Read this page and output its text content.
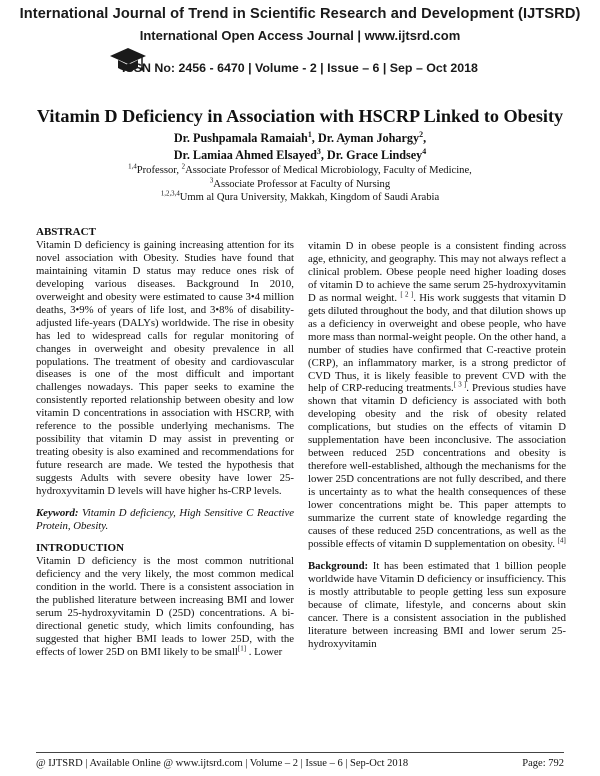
International Journal of Trend in Scientific Research and Development (IJTSRD)
International Open Access Journal | www.ijtsrd.com
ISSN No: 2456 - 6470 | Volume - 2 | Issue – 6 | Sep – Oct 2018
Vitamin D Deficiency in Association with HSCRP Linked to Obesity
Dr. Pushpamala Ramaiah$^1$, Dr. Ayman Johargy$^2$,
Dr. Lamiaa Ahmed Elsayed$^3$, Dr. Grace Lindsey$^4$
$^{1,4}$Professor, $^2$Associate Professor of Medical Microbiology, Faculty of Medicine,
$^3$Associate Professor at Faculty of Nursing
$^{1,2,3,4}$Umm al Qura University, Makkah, Kingdom of Saudi Arabia
ABSTRACT
Vitamin D deficiency is gaining increasing attention for its novel association with Obesity. Studies have found that maintaining vitamin D status may reduce ones risk of developing various diseases. Background In 2010, overweight and obesity were estimated to cause 3•4 million deaths, 3•9% of years of life lost, and 3•8% of disability-adjusted life-years (DALYs) worldwide. The rise in obesity has led to widespread calls for regular monitoring of changes in overweight and obesity prevalence in all populations. The treatment of obesity and cardiovascular diseases is one of the most difficult and important challenges nowadays. This paper seeks to examine the consistently reported relationship between obesity and low vitamin D concentrations in association with HSCRP, with reference to the possible underlying mechanisms. The possibility that vitamin D may assist in preventing or treating obesity is also examined and recommendations for future research are made. We tested the hypothesis that suggests Adults with severe obesity have lower 25-hydroxyvitamin D levels will have higher hs-CRP levels.
Keyword: Vitamin D deficiency, High Sensitive C Reactive Protein, Obesity.
INTRODUCTION
Vitamin D deficiency is the most common nutritional deficiency and the very likely, the most common medical condition in the world. There is a consistent association in the published literature between increasing BMI and lower serum 25-hydroxyvitamin D (25D) concentrations. A bi-directional genetic study, which limits confounding, has suggested that higher BMI leads to lower 25D, with the effects of lower 25D on BMI likely to be small[1] . Lower
vitamin D in obese people is a consistent finding across age, ethnicity, and geography. This may not always reflect a clinical problem. Obese people need higher loading doses of vitamin D to achieve the same serum 25-hydroxyvitamin D as normal weight. [ 2 ]. His work suggests that vitamin D gets diluted throughout the body, and that dilution shows up as a deficiency in overweight and obese people, who have more mass than normal-weight people. On the other hand, a number of studies have confirmed that C-reactive protein (CRP), an inflammatory marker, is a strong predictor of CVD Thus, it is likely feasible to prevent CVD with the help of CRP-reducing treatments.[ 3 ]. Previous studies have shown that vitamin D deficiency is associated with both developing obesity and the risk of obesity related complications, but studies on the effects of vitamin D supplementation have been inconclusive. The association between reduced 25D concentrations and obesity is therefore well-established, although the mechanisms for the lower 25D concentrations are not fully described, and there is uncertainty as to what the health consequences of these lower concentrations might be. This paper attempts to summarize the current state of knowledge regarding the causes of these reduced 25D concentrations, as well as the possible effects of vitamin D supplementation on obesity. [4]
Background: It has been estimated that 1 billion people worldwide have Vitamin D deficiency or insufficiency. This is mostly attributable to people getting less sun exposure because of climate, lifestyle, and concerns about skin cancer. There is a consistent association in the published literature between increasing BMI and lower serum 25-hydroxyvitamin
@ IJTSRD | Available Online @ www.ijtsrd.com | Volume – 2 | Issue – 6 | Sep-Oct 2018	Page: 792
